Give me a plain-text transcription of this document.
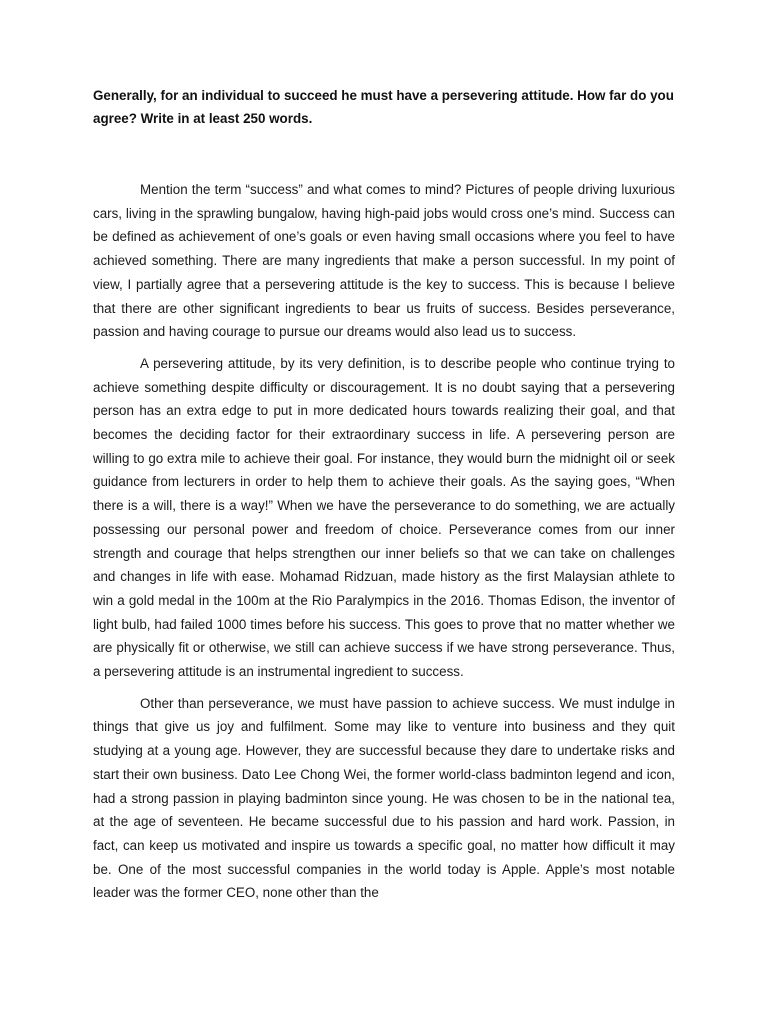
Generally, for an individual to succeed he must have a persevering attitude. How far do you agree? Write in at least 250 words.

Mention the term “success” and what comes to mind? Pictures of people driving luxurious cars, living in the sprawling bungalow, having high-paid jobs would cross one’s mind. Success can be defined as achievement of one’s goals or even having small occasions where you feel to have achieved something. There are many ingredients that make a person successful. In my point of view, I partially agree that a persevering attitude is the key to success. This is because I believe that there are other significant ingredients to bear us fruits of success. Besides perseverance, passion and having courage to pursue our dreams would also lead us to success.

A persevering attitude, by its very definition, is to describe people who continue trying to achieve something despite difficulty or discouragement. It is no doubt saying that a persevering person has an extra edge to put in more dedicated hours towards realizing their goal, and that becomes the deciding factor for their extraordinary success in life. A persevering person are willing to go extra mile to achieve their goal. For instance, they would burn the midnight oil or seek guidance from lecturers in order to help them to achieve their goals. As the saying goes, “When there is a will, there is a way!” When we have the perseverance to do something, we are actually possessing our personal power and freedom of choice. Perseverance comes from our inner strength and courage that helps strengthen our inner beliefs so that we can take on challenges and changes in life with ease. Mohamad Ridzuan, made history as the first Malaysian athlete to win a gold medal in the 100m at the Rio Paralympics in the 2016. Thomas Edison, the inventor of light bulb, had failed 1000 times before his success. This goes to prove that no matter whether we are physically fit or otherwise, we still can achieve success if we have strong perseverance. Thus, a persevering attitude is an instrumental ingredient to success.

Other than perseverance, we must have passion to achieve success. We must indulge in things that give us joy and fulfilment. Some may like to venture into business and they quit studying at a young age. However, they are successful because they dare to undertake risks and start their own business. Dato Lee Chong Wei, the former world-class badminton legend and icon, had a strong passion in playing badminton since young. He was chosen to be in the national tea, at the age of seventeen. He became successful due to his passion and hard work. Passion, in fact, can keep us motivated and inspire us towards a specific goal, no matter how difficult it may be. One of the most successful companies in the world today is Apple. Apple’s most notable leader was the former CEO, none other than the
